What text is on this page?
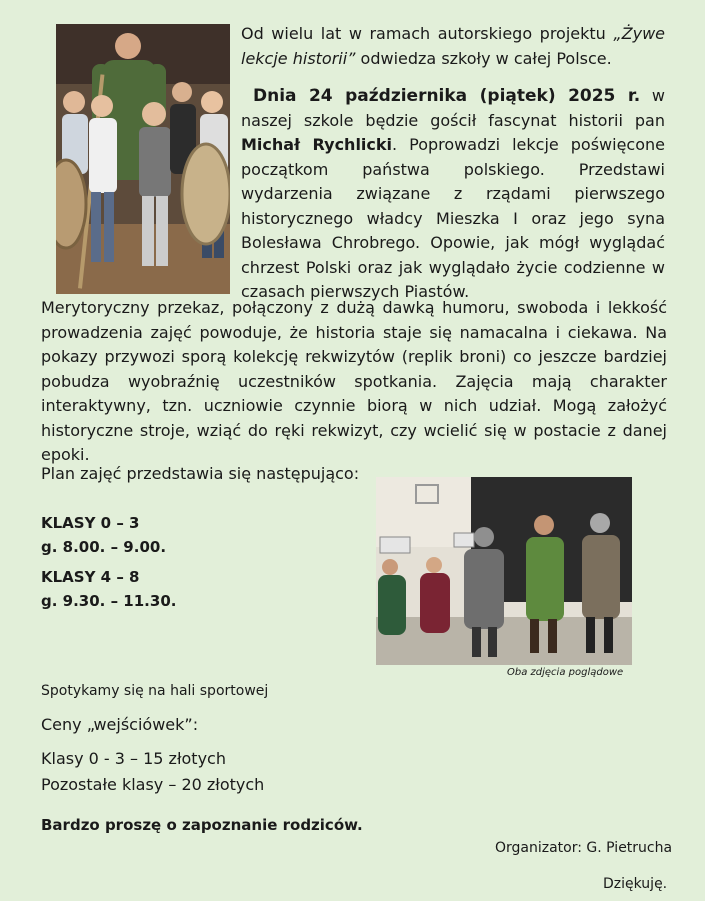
Od wielu lat w ramach autorskiego projektu „Żywe lekcje historii” odwiedza szkoły w całej Polsce.
Dnia 24 października (piątek) 2025 r. w naszej szkole będzie gościł fascynat historii pan Michał Rychlicki. Poprowadzi lekcje poświęcone początkom państwa polskiego. Przedstawi wydarzenia związane z rządami pierwszego historycznego władcy Mieszka I oraz jego syna Bolesława Chrobrego. Opowie, jak mógł wyglądać chrzest Polski oraz jak wyglądało życie codzienne w czasach pierwszych Piastów.
Merytoryczny przekaz, połączony z dużą dawką humoru, swoboda i lekkość prowadzenia zajęć powoduje, że historia staje się namacalna i ciekawa. Na pokazy przywozi sporą kolekcję rekwizytów (replik broni) co jeszcze bardziej pobudza wyobraźnię uczestników spotkania. Zajęcia mają charakter interaktywny, tzn. uczniowie czynnie biorą w nich udział. Mogą założyć historyczne stroje, wziąć do ręki rekwizyt, czy wcielić się w postacie z danej epoki.
Plan zajęć przedstawia się następująco:
KLASY 0 – 3
g. 8.00. – 9.00.
KLASY 4 – 8
g. 9.30. – 11.30.
Oba zdjęcia poglądowe
Spotykamy się na hali sportowej
Ceny „wejściówek”:
Klasy 0 - 3 – 15 złotych
Pozostałe klasy – 20 złotych
Bardzo proszę o zapoznanie rodziców.
Organizator: G. Pietrucha
Dziękuję.
